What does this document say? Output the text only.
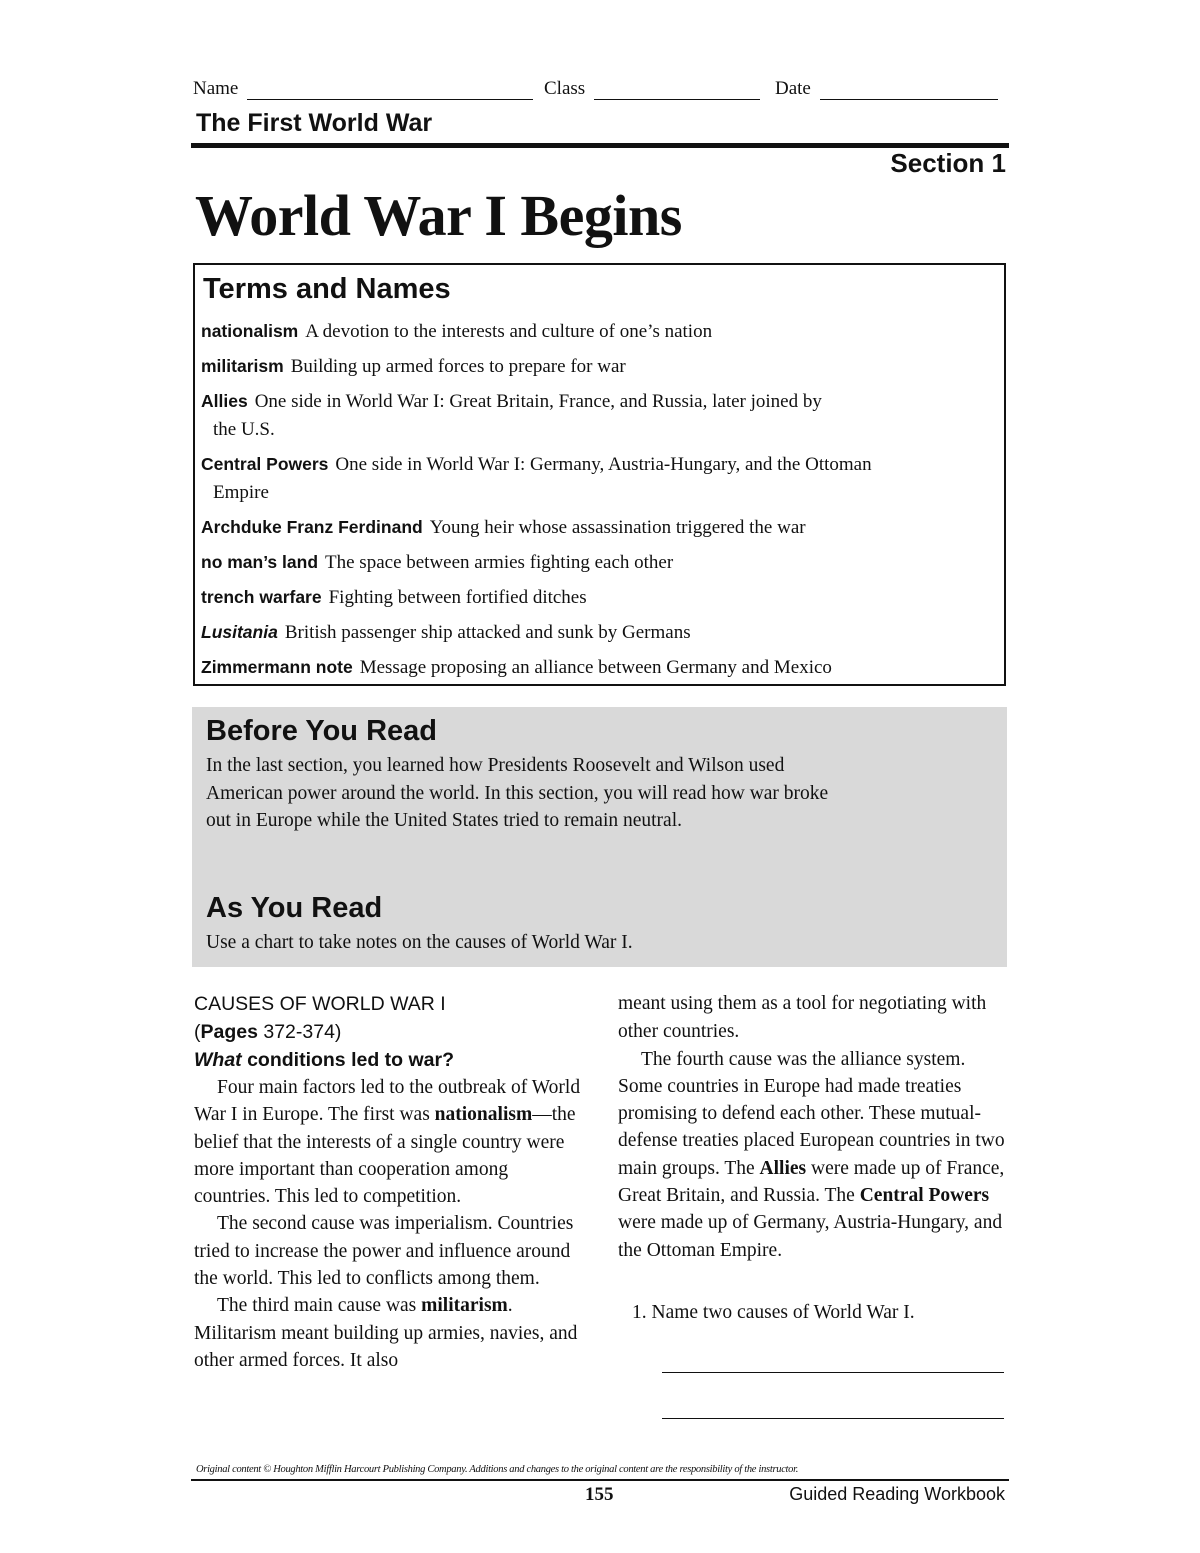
Name	Class	Date
The First World War
Section 1
World War I Begins
Terms and Names
nationalism A devotion to the interests and culture of one’s nation
militarism Building up armed forces to prepare for war
Allies One side in World War I: Great Britain, France, and Russia, later joined by
the U.S.
Central Powers One side in World War I: Germany, Austria-Hungary, and the Ottoman
Empire
Archduke Franz Ferdinand Young heir whose assassination triggered the war
no man’s land The space between armies fighting each other
trench warfare Fighting between fortified ditches
Lusitania British passenger ship attacked and sunk by Germans
Zimmermann note Message proposing an alliance between Germany and Mexico
Before You Read
In the last section, you learned how Presidents Roosevelt and Wilson used American power around the world. In this section, you will read how war broke out in Europe while the United States tried to remain neutral.
As You Read
Use a chart to take notes on the causes of World War I.
CAUSES OF WORLD WAR I
(Pages 372-374)
What conditions led to war?

Four main factors led to the outbreak of World War I in Europe. The first was nationalism—the belief that the interests of a single country were more important than cooperation among countries. This led to competition.

The second cause was imperialism. Countries tried to increase the power and influence around the world. This led to conflicts among them.

The third main cause was militarism. Militarism meant building up armies, navies, and other armed forces. It also

meant using them as a tool for negotiating with other countries.

The fourth cause was the alliance system. Some countries in Europe had made treaties promising to defend each other. These mutual-defense treaties placed European countries in two main groups. The Allies were made up of France, Great Britain, and Russia. The Central Powers were made up of Germany, Austria-Hungary, and the Ottoman Empire.

1. Name two causes of World War I.
Original content © Houghton Mifflin Harcourt Publishing Company. Additions and changes to the original content are the responsibility of the instructor.
155	Guided Reading Workbook
